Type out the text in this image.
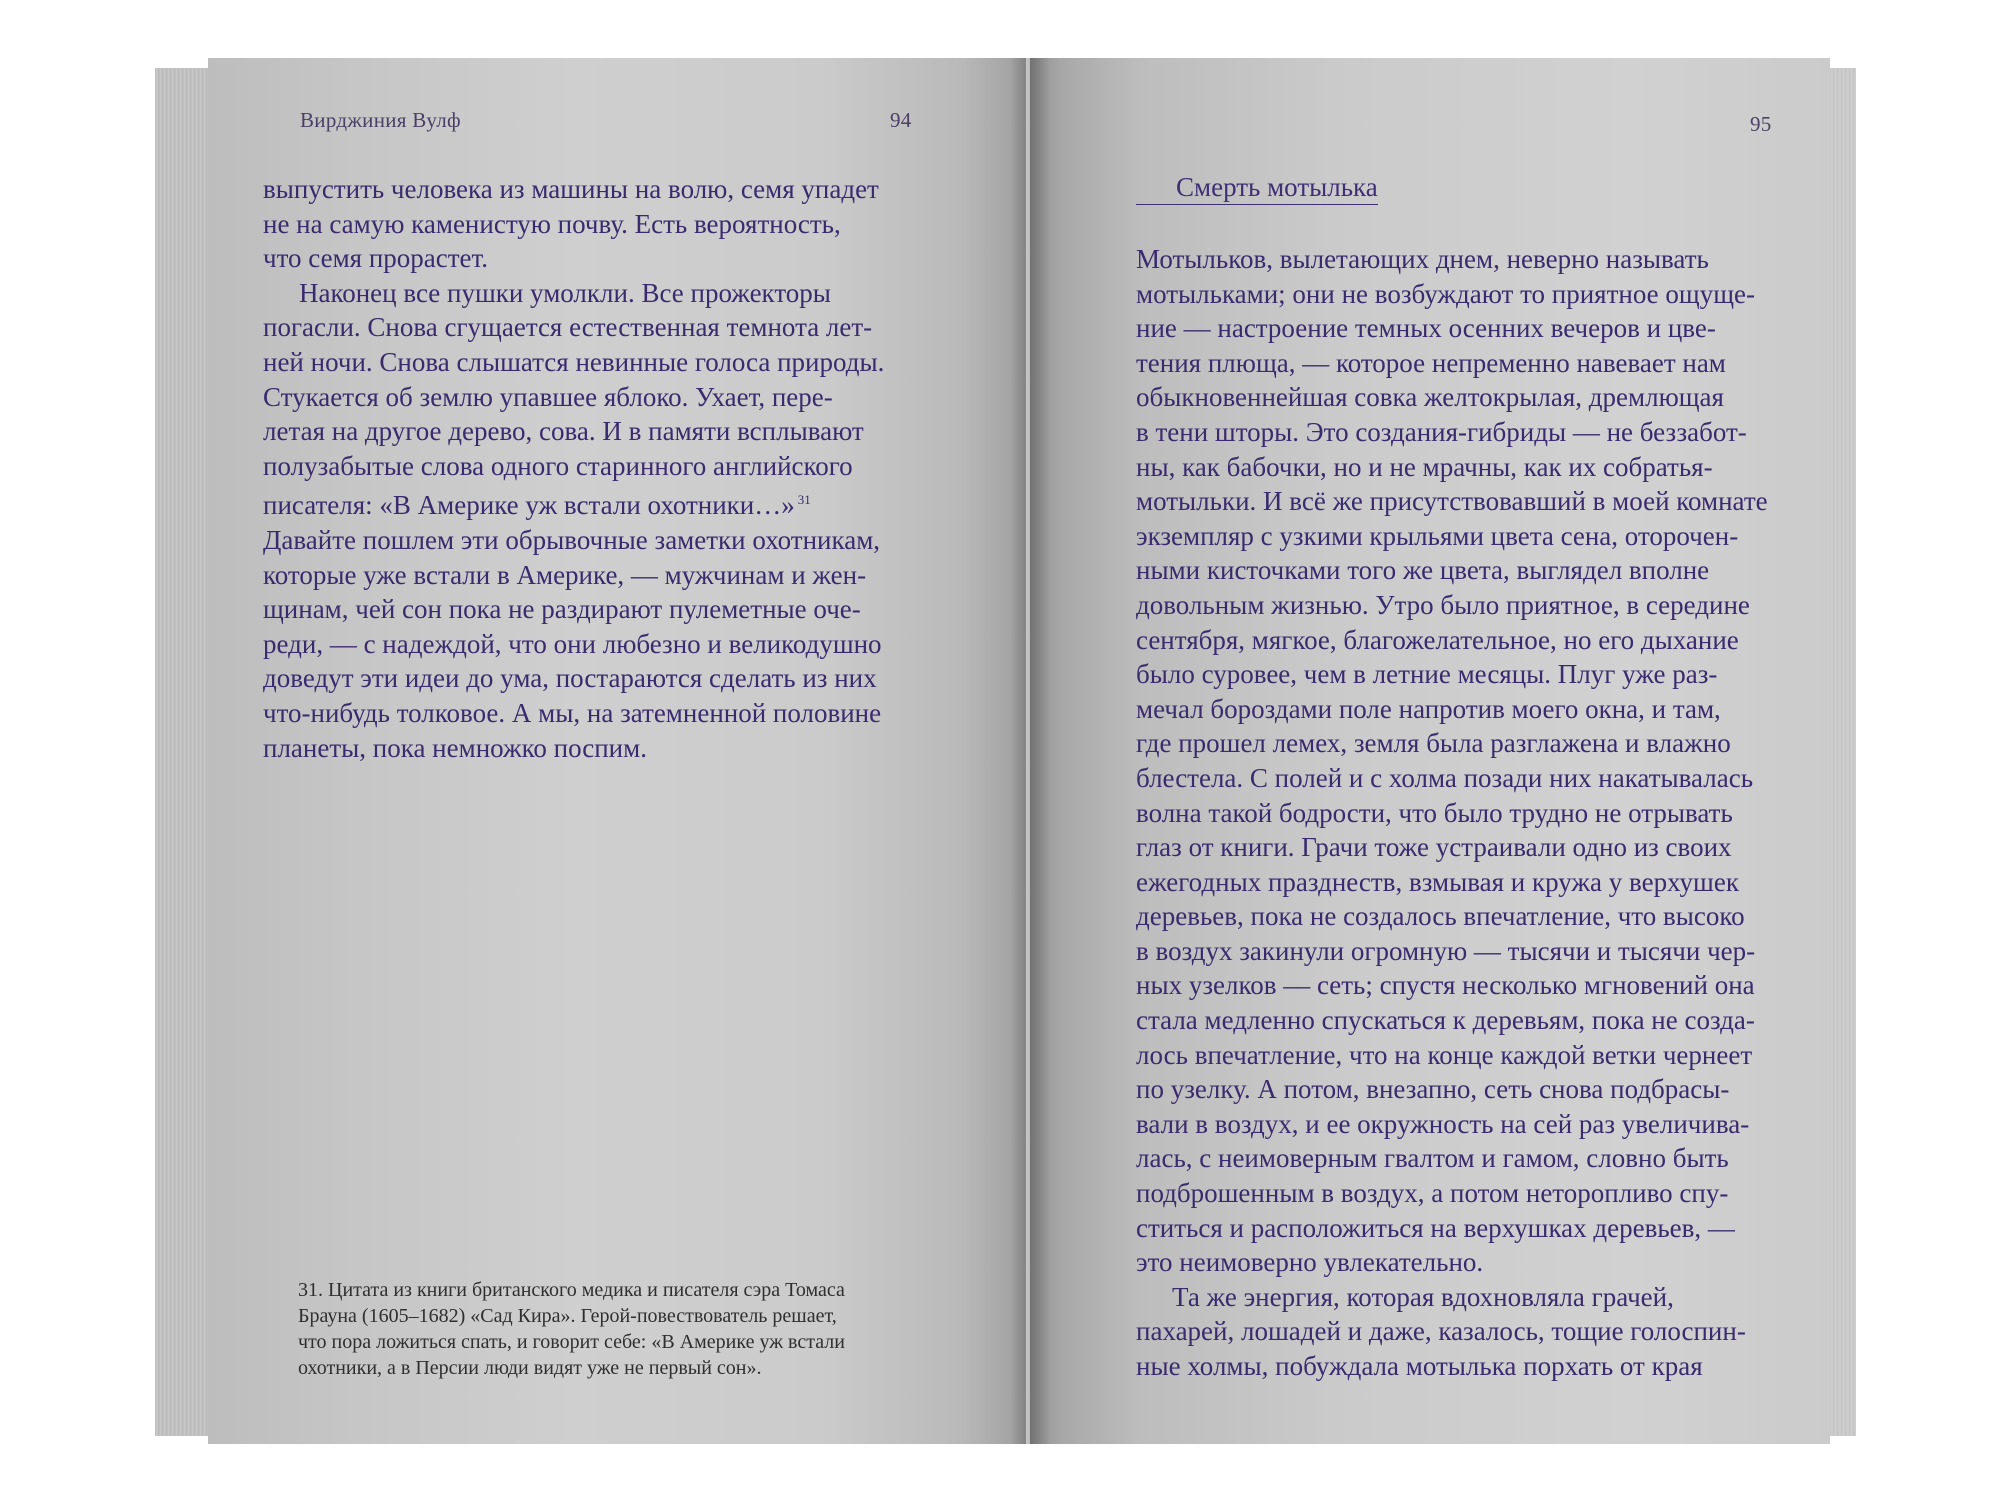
Вирджиния Вулф	94
выпустить человека из машины на волю, семя упадет
не на самую каменистую почву. Есть вероятность,
что семя прорастет.
Наконец все пушки умолкли. Все прожекторы
погасли. Снова сгущается естественная темнота лет-
ней ночи. Снова слышатся невинные голоса природы.
Стукается об землю упавшее яблоко. Ухает, пере-
летая на другое дерево, сова. И в памяти всплывают
полузабытые слова одного старинного английского
писателя: «В Америке уж встали охотники…» $^{31}$
Давайте пошлем эти обрывочные заметки охотникам,
которые уже встали в Америке, — мужчинам и жен-
щинам, чей сон пока не раздирают пулеметные оче-
реди, — с надеждой, что они любезно и великодушно
доведут эти идеи до ума, постараются сделать из них
что-нибудь толковое. А мы, на затемненной половине
планеты, пока немножко поспим.
31. Цитата из книги британского медика и писателя сэра Томаса
Брауна (1605–1682) «Сад Кира». Герой-повествователь решает,
что пора ложиться спать, и говорит себе: «В Америке уж встали
охотники, а в Персии люди видят уже не первый сон».
95
Смерть мотылька
Мотыльков, вылетающих днем, неверно называть
мотыльками; они не возбуждают то приятное ощуще-
ние — настроение темных осенних вечеров и цве-
тения плюща, — которое непременно навевает нам
обыкновеннейшая совка желтокрылая, дремлющая
в тени шторы. Это создания-гибриды — не беззабот-
ны, как бабочки, но и не мрачны, как их собратья-
мотыльки. И всё же присутствовавший в моей комнате
экземпляр с узкими крыльями цвета сена, оторочен-
ными кисточками того же цвета, выглядел вполне
довольным жизнью. Утро было приятное, в середине
сентября, мягкое, благожелательное, но его дыхание
было суровее, чем в летние месяцы. Плуг уже раз-
мечал бороздами поле напротив моего окна, и там,
где прошел лемех, земля была разглажена и влажно
блестела. С полей и с холма позади них накатывалась
волна такой бодрости, что было трудно не отрывать
глаз от книги. Грачи тоже устраивали одно из своих
ежегодных празднеств, взмывая и кружа у верхушек
деревьев, пока не создалось впечатление, что высоко
в воздух закинули огромную — тысячи и тысячи чер-
ных узелков — сеть; спустя несколько мгновений она
стала медленно спускаться к деревьям, пока не созда-
лось впечатление, что на конце каждой ветки чернеет
по узелку. А потом, внезапно, сеть снова подбрасы-
вали в воздух, и ее окружность на сей раз увеличива-
лась, с неимоверным гвалтом и гамом, словно быть
подброшенным в воздух, а потом неторопливо спу-
ститься и расположиться на верхушках деревьев, —
это неимоверно увлекательно.
Та же энергия, которая вдохновляла грачей,
пахарей, лошадей и даже, казалось, тощие голоспин-
ные холмы, побуждала мотылька порхать от края
